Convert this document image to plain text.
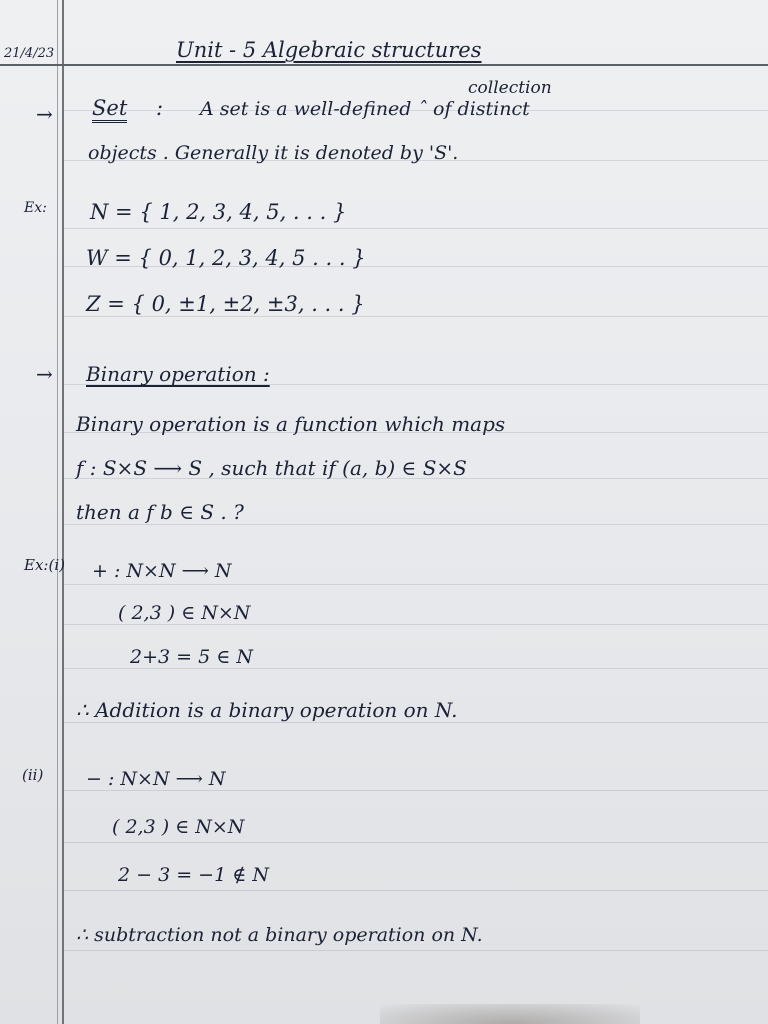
21/4/23	Unit - 5 Algebraic structures
collection
→ Set : A set is a well-defined ˆ of distinct
objects . Generally it is denoted by 'S'.
Ex: N = { 1, 2, 3, 4, 5, . . . }
W = { 0, 1, 2, 3, 4, 5 . . . }
Z = { 0, ±1, ±2, ±3, . . . }
→ Binary operation :
Binary operation is a function which maps
f : S×S ⟶ S , such that if (a, b) ∈ S×S
then a f b ∈ S . ?
Ex:(i) + : N×N ⟶ N
( 2,3 ) ∈ N×N
2+3 = 5 ∈ N
∴ Addition is a binary operation on N.
(ii) − : N×N ⟶ N
( 2,3 ) ∈ N×N
2 − 3 = −1 ∉ N
∴ subtraction not a binary operation on N.
